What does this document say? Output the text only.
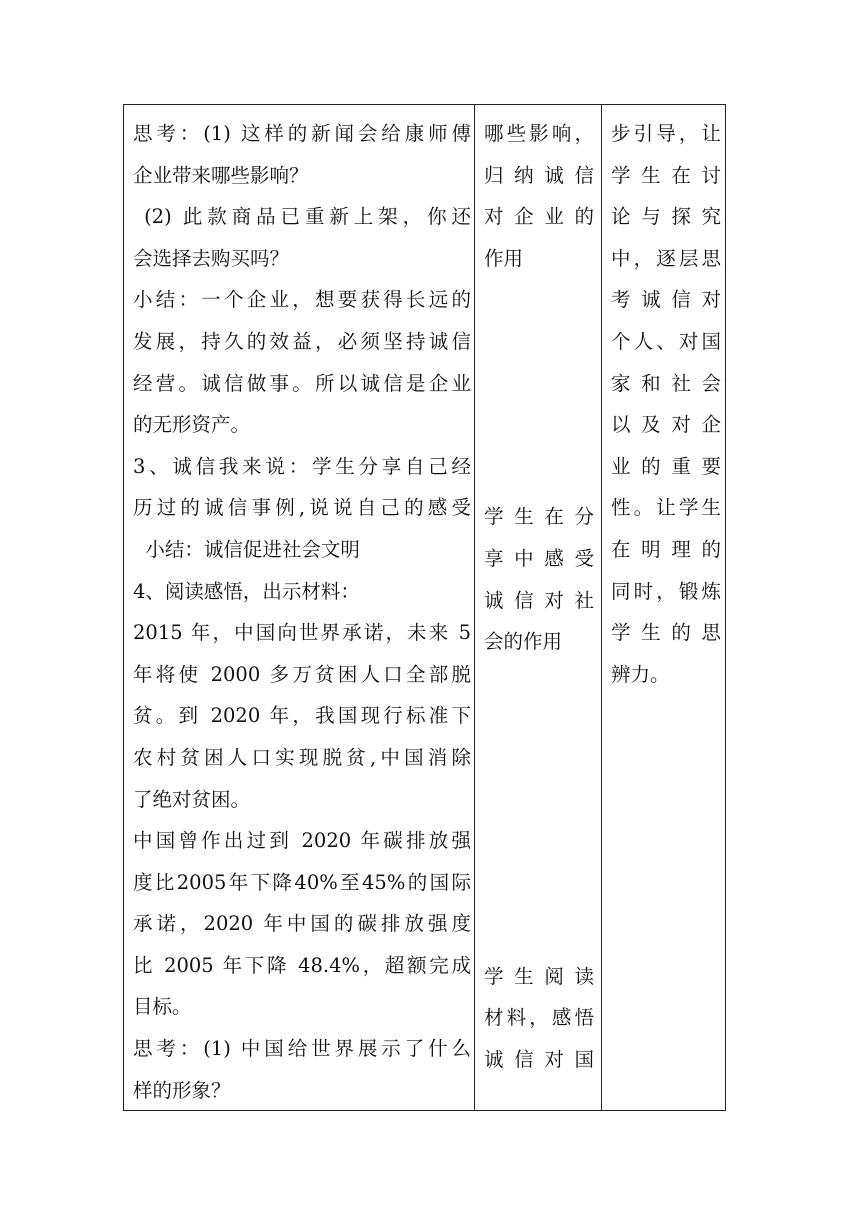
思考：(1) 这样的新闻会给康师傅
企业带来哪些影响？
(2) 此款商品已重新上架，你还
会选择去购买吗？
小结：一个企业，想要获得长远的
发展，持久的效益，必须坚持诚信
经营。诚信做事。所以诚信是企业
的无形资产。
3、诚信我来说：学生分享自己经
历过的诚信事例,说说自己的感受
小结：诚信促进社会文明
4、阅读感悟，出示材料：
2015 年，中国向世界承诺，未来 5
年将使 2000 多万贫困人口全部脱
贫。到 2020 年，我国现行标准下
农村贫困人口实现脱贫,中国消除
了绝对贫困。
中国曾作出过到 2020 年碳排放强
度比2005年下降40%至45%的国际
承诺，2020 年中国的碳排放强度
比 2005 年下降 48.4%，超额完成
目标。
思考：(1) 中国给世界展示了什么
样的形象？
哪些影响，
归纳诚信
对企业的
作用
学生在分
享中感受
诚信对社
会的作用
学生阅读
材料，感悟
诚信对国
步引导，让
学生在讨
论与探究
中，逐层思
考诚信对
个人、对国
家和社会
以及对企
业的重要
性。让学生
在明理的
同时，锻炼
学生的思
辨力。
